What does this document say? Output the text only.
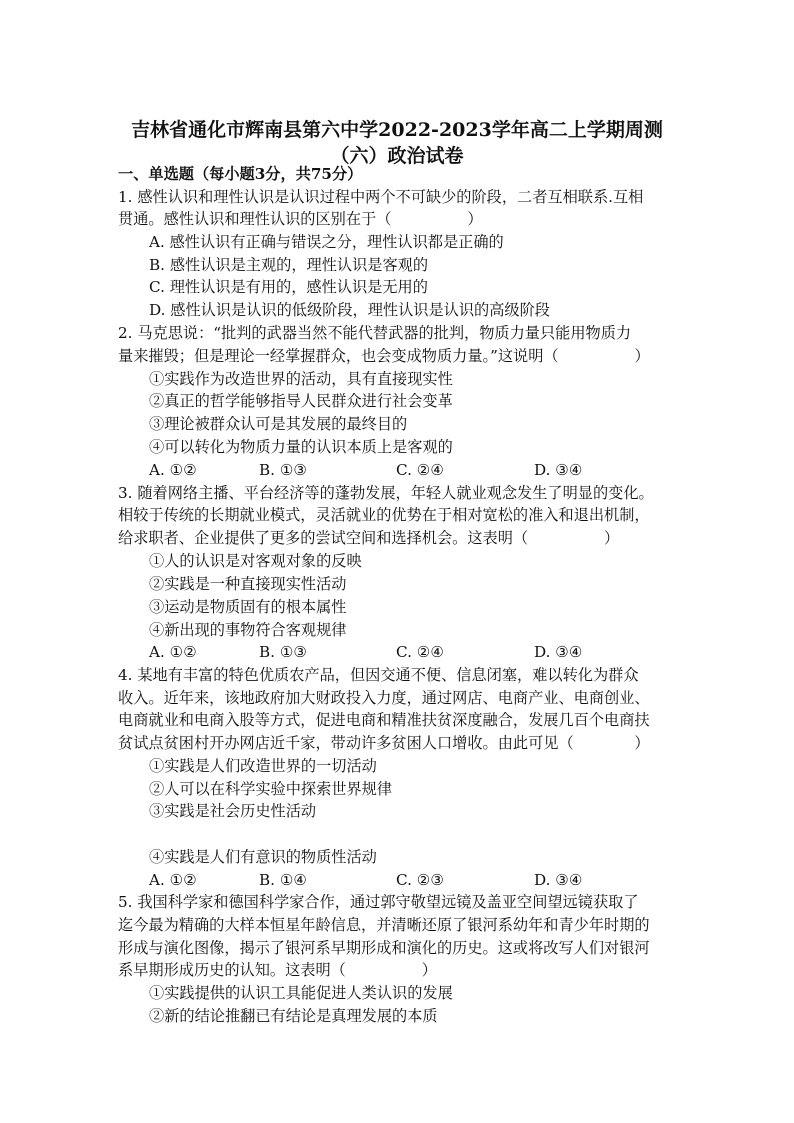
吉林省通化市辉南县第六中学2022-2023学年高二上学期周测
（六）政治试卷
一、单选题（每小题3分，共75分）
1. 感性认识和理性认识是认识过程中两个不可缺少的阶段，二者互相联系.互相
贯通。感性认识和理性认识的区别在于（　　　　　）
A. 感性认识有正确与错误之分，理性认识都是正确的
B. 感性认识是主观的，理性认识是客观的
C. 理性认识是有用的，感性认识是无用的
D. 感性认识是认识的低级阶段，理性认识是认识的高级阶段
2. 马克思说：“批判的武器当然不能代替武器的批判，物质力量只能用物质力
量来摧毁；但是理论一经掌握群众，也会变成物质力量。”这说明（　　　　　）
①实践作为改造世界的活动，具有直接现实性
②真正的哲学能够指导人民群众进行社会变革
③理论被群众认可是其发展的最终目的
④可以转化为物质力量的认识本质上是客观的
A. ①②	B. ①③	C. ②④	D. ③④
3. 随着网络主播、平台经济等的蓬勃发展，年轻人就业观念发生了明显的变化。
相较于传统的长期就业模式，灵活就业的优势在于相对宽松的准入和退出机制，
给求职者、企业提供了更多的尝试空间和选择机会。这表明（　　　　　）
①人的认识是对客观对象的反映
②实践是一种直接现实性活动
③运动是物质固有的根本属性
④新出现的事物符合客观规律
A. ①②	B. ①③	C. ②④	D. ③④
4. 某地有丰富的特色优质农产品，但因交通不便、信息闭塞，难以转化为群众
收入。近年来，该地政府加大财政投入力度，通过网店、电商产业、电商创业、
电商就业和电商入股等方式，促进电商和精准扶贫深度融合，发展几百个电商扶
贫试点贫困村开办网店近千家，带动许多贫困人口增收。由此可见（　　　　）
①实践是人们改造世界的一切活动
②人可以在科学实验中探索世界规律
③实践是社会历史性活动
④实践是人们有意识的物质性活动
A. ①②	B. ①④	C. ②③	D. ③④
5. 我国科学家和德国科学家合作，通过郭守敬望远镜及盖亚空间望远镜获取了
迄今最为精确的大样本恒星年龄信息，并清晰还原了银河系幼年和青少年时期的
形成与演化图像，揭示了银河系早期形成和演化的历史。这或将改写人们对银河
系早期形成历史的认知。这表明（　　　　　）
①实践提供的认识工具能促进人类认识的发展
②新的结论推翻已有结论是真理发展的本质
